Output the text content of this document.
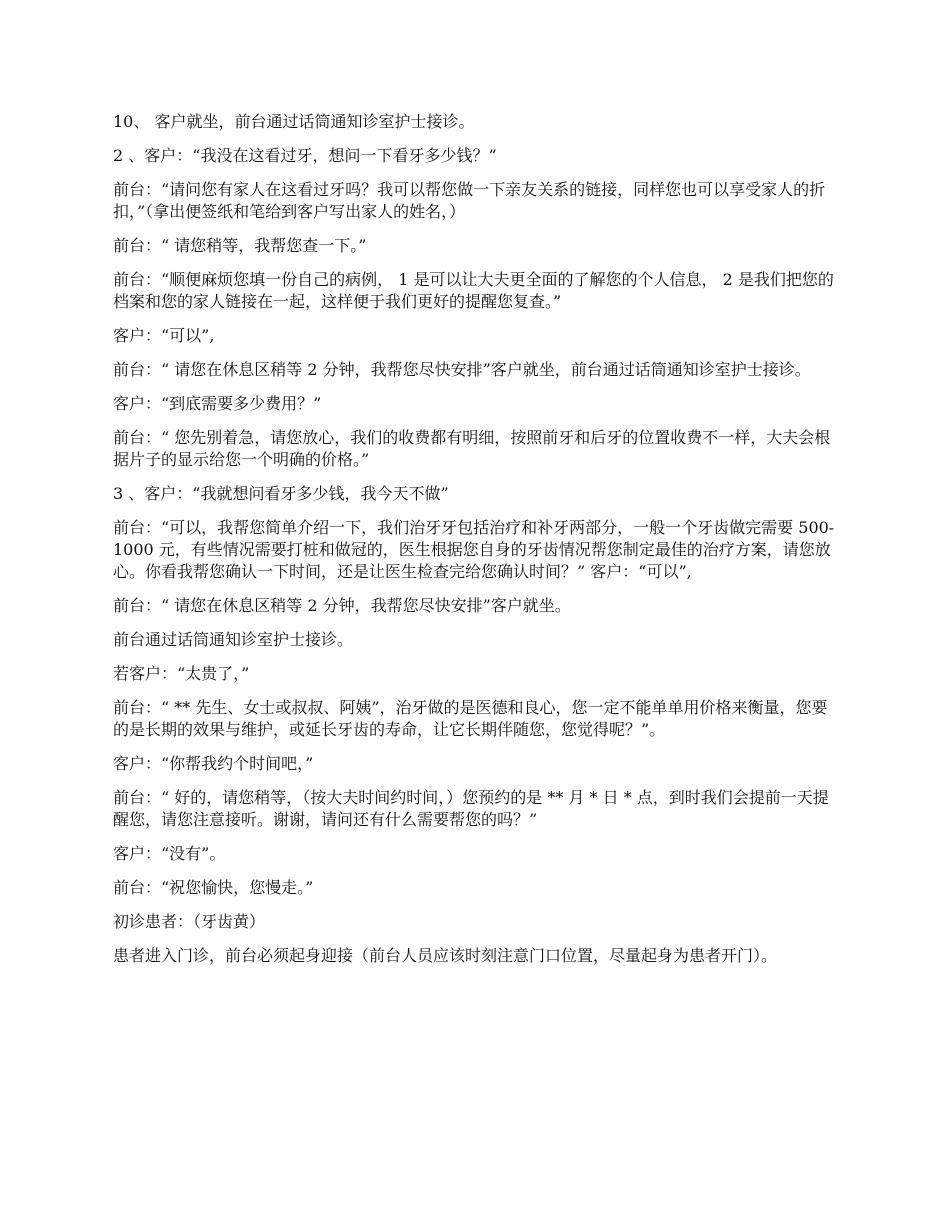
10、 客户就坐，前台通过话筒通知诊室护士接诊。

2 、客户：“我没在这看过牙，想问一下看牙多少钱？”

前台：“请问您有家人在这看过牙吗？我可以帮您做一下亲友关系的链接，同样您也可以享受家人的折扣，”（拿出便签纸和笔给到客户写出家人的姓名，）

前台：“ 请您稍等，我帮您查一下。”

前台：“顺便麻烦您填一份自己的病例， 1 是可以让大夫更全面的了解您的个人信息， 2 是我们把您的档案和您的家人链接在一起，这样便于我们更好的提醒您复查。”

客户：“可以”,

前台：“ 请您在休息区稍等 2 分钟，我帮您尽快安排”客户就坐，前台通过话筒通知诊室护士接诊。

客户：“到底需要多少费用？”

前台：“ 您先别着急，请您放心，我们的收费都有明细，按照前牙和后牙的位置收费不一样，大夫会根据片子的显示给您一个明确的价格。”

3 、客户：“我就想问看牙多少钱，我今天不做”

前台：“可以，我帮您简单介绍一下，我们治牙牙包括治疗和补牙两部分，一般一个牙齿做完需要 500-1000 元，有些情况需要打桩和做冠的，医生根据您自身的牙齿情况帮您制定最佳的治疗方案，请您放心。你看我帮您确认一下时间，还是让医生检查完给您确认时间？” 客户：“可以”,

前台：“ 请您在休息区稍等 2 分钟，我帮您尽快安排”客户就坐。

前台通过话筒通知诊室护士接诊。

若客户：“太贵了，”

前台：“ ** 先生、女士或叔叔、阿姨”，治牙做的是医德和良心，您一定不能单单用价格来衡量，您要的是长期的效果与维护，或延长牙齿的寿命，让它长期伴随您，您觉得呢？”。

客户：“你帮我约个时间吧，”

前台：“ 好的，请您稍等，（按大夫时间约时间，）您预约的是 ** 月 * 日 * 点，到时我们会提前一天提醒您，请您注意接听。谢谢，请问还有什么需要帮您的吗？”

客户：“没有”。

前台：“祝您愉快，您慢走。”

初诊患者：（牙齿黄）

患者进入门诊，前台必须起身迎接（前台人员应该时刻注意门口位置，尽量起身为患者开门）。
